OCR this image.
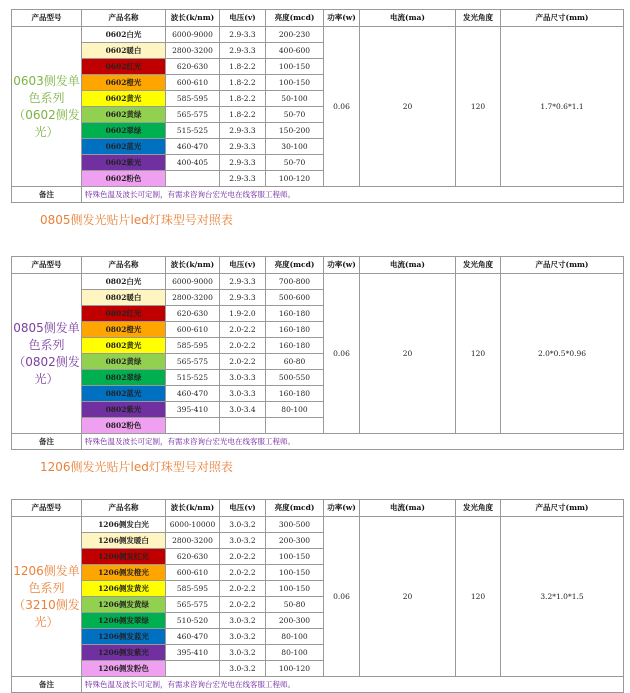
0805侧发光贴片led灯珠型号对照表
1206侧发光贴片led灯珠型号对照表
产品型号	产品名称	波长(k/nm)	电压(v)	亮度(mcd)	功率(w)	电流(ma)	发光角度	产品尺寸(mm)
0603侧发单色系列（0602侧发光）	0602白光	6000-9000	2.9-3.3	200-230	0.06	20	120	1.7*0.6*1.1
	0602暖白	2800-3200	2.9-3.3	400-600				
	0602红光	620-630	1.8-2.2	100-150				
	0602橙光	600-610	1.8-2.2	100-150				
	0602黄光	585-595	1.8-2.2	50-100				
	0602黄绿	565-575	1.8-2.2	50-70				
	0602翠绿	515-525	2.9-3.3	150-200				
	0602蓝光	460-470	2.9-3.3	30-100				
	0602紫光	400-405	2.9-3.3	50-70				
	0602粉色		2.9-3.3	100-120				
备注	特殊色温及波长可定制，有需求咨询台宏光电在线客服工程师。							
产品型号	产品名称	波长(k/nm)	电压(v)	亮度(mcd)	功率(w)	电流(ma)	发光角度	产品尺寸(mm)
0805侧发单色系列（0802侧发光）	0802白光	6000-9000	2.9-3.3	700-800	0.06	20	120	2.0*0.5*0.96
	0802暖白	2800-3200	2.9-3.3	500-600				
	0802红光	620-630	1.9-2.0	160-180				
	0802橙光	600-610	2.0-2.2	160-180				
	0802黄光	585-595	2.0-2.2	160-180				
	0802黄绿	565-575	2.0-2.2	60-80				
	0802翠绿	515-525	3.0-3.3	500-550				
	0802蓝光	460-470	3.0-3.3	160-180				
	0802紫光	395-410	3.0-3.4	80-100				
	0802粉色							
备注	特殊色温及波长可定制，有需求咨询台宏光电在线客服工程师。							
产品型号	产品名称	波长(k/nm)	电压(v)	亮度(mcd)	功率(w)	电流(ma)	发光角度	产品尺寸(mm)
1206侧发单色系列（3210侧发光）	1206侧发白光	6000-10000	3.0-3.2	300-500	0.06	20	120	3.2*1.0*1.5
	1206侧发暖白	2800-3200	3.0-3.2	200-300				
	1206侧发红光	620-630	2.0-2.2	100-150				
	1206侧发橙光	600-610	2.0-2.2	100-150				
	1206侧发黄光	585-595	2.0-2.2	100-150				
	1206侧发黄绿	565-575	2.0-2.2	50-80				
	1206侧发翠绿	510-520	3.0-3.2	200-300				
	1206侧发蓝光	460-470	3.0-3.2	80-100				
	1206侧发紫光	395-410	3.0-3.2	80-100				
	1206侧发粉色		3.0-3.2	100-120				
备注	特殊色温及波长可定制，有需求咨询台宏光电在线客服工程师。							
